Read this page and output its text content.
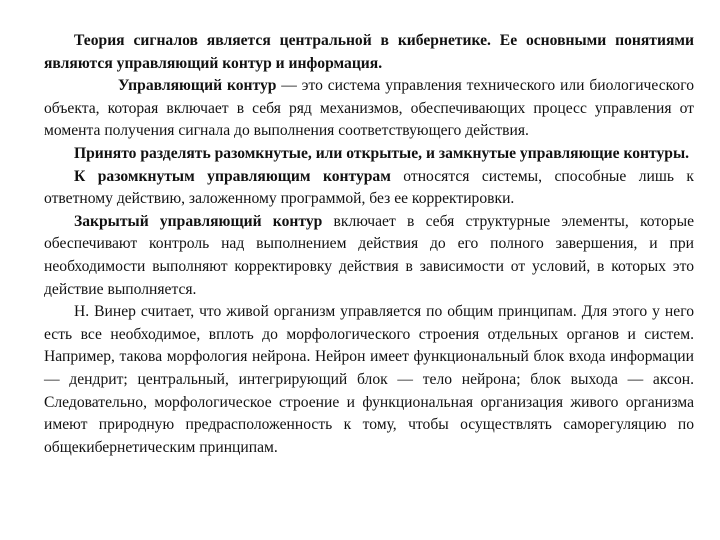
Теория сигналов является центральной в кибернетике. Ее основными понятиями являются управляющий контур и информация.

Управляющий контур — это система управления технического или биологического объекта, которая включает в себя ряд механизмов, обеспечивающих процесс управления от момента получения сигнала до выполнения соответствующего действия.

Принято разделять разомкнутые, или открытые, и замкнутые управляющие контуры.

К разомкнутым управляющим контурам относятся системы, способные лишь к ответному действию, заложенному программой, без ее корректировки.

Закрытый управляющий контур включает в себя структурные элементы, которые обеспечивают контроль над выполнением действия до его полного завершения, и при необходимости выполняют корректировку действия в зависимости от условий, в которых это действие выполняется.

Н. Винер считает, что живой организм управляется по общим принципам. Для этого у него есть все необходимое, вплоть до морфологического строения отдельных органов и систем. Например, такова морфология нейрона. Нейрон имеет функциональный блок входа информации — дендрит; центральный, интегрирующий блок — тело нейрона; блок выхода — аксон. Следовательно, морфологическое строение и функциональная организация живого организма имеют природную предрасположенность к тому, чтобы осуществлять саморегуляцию по общекибернетическим принципам.
